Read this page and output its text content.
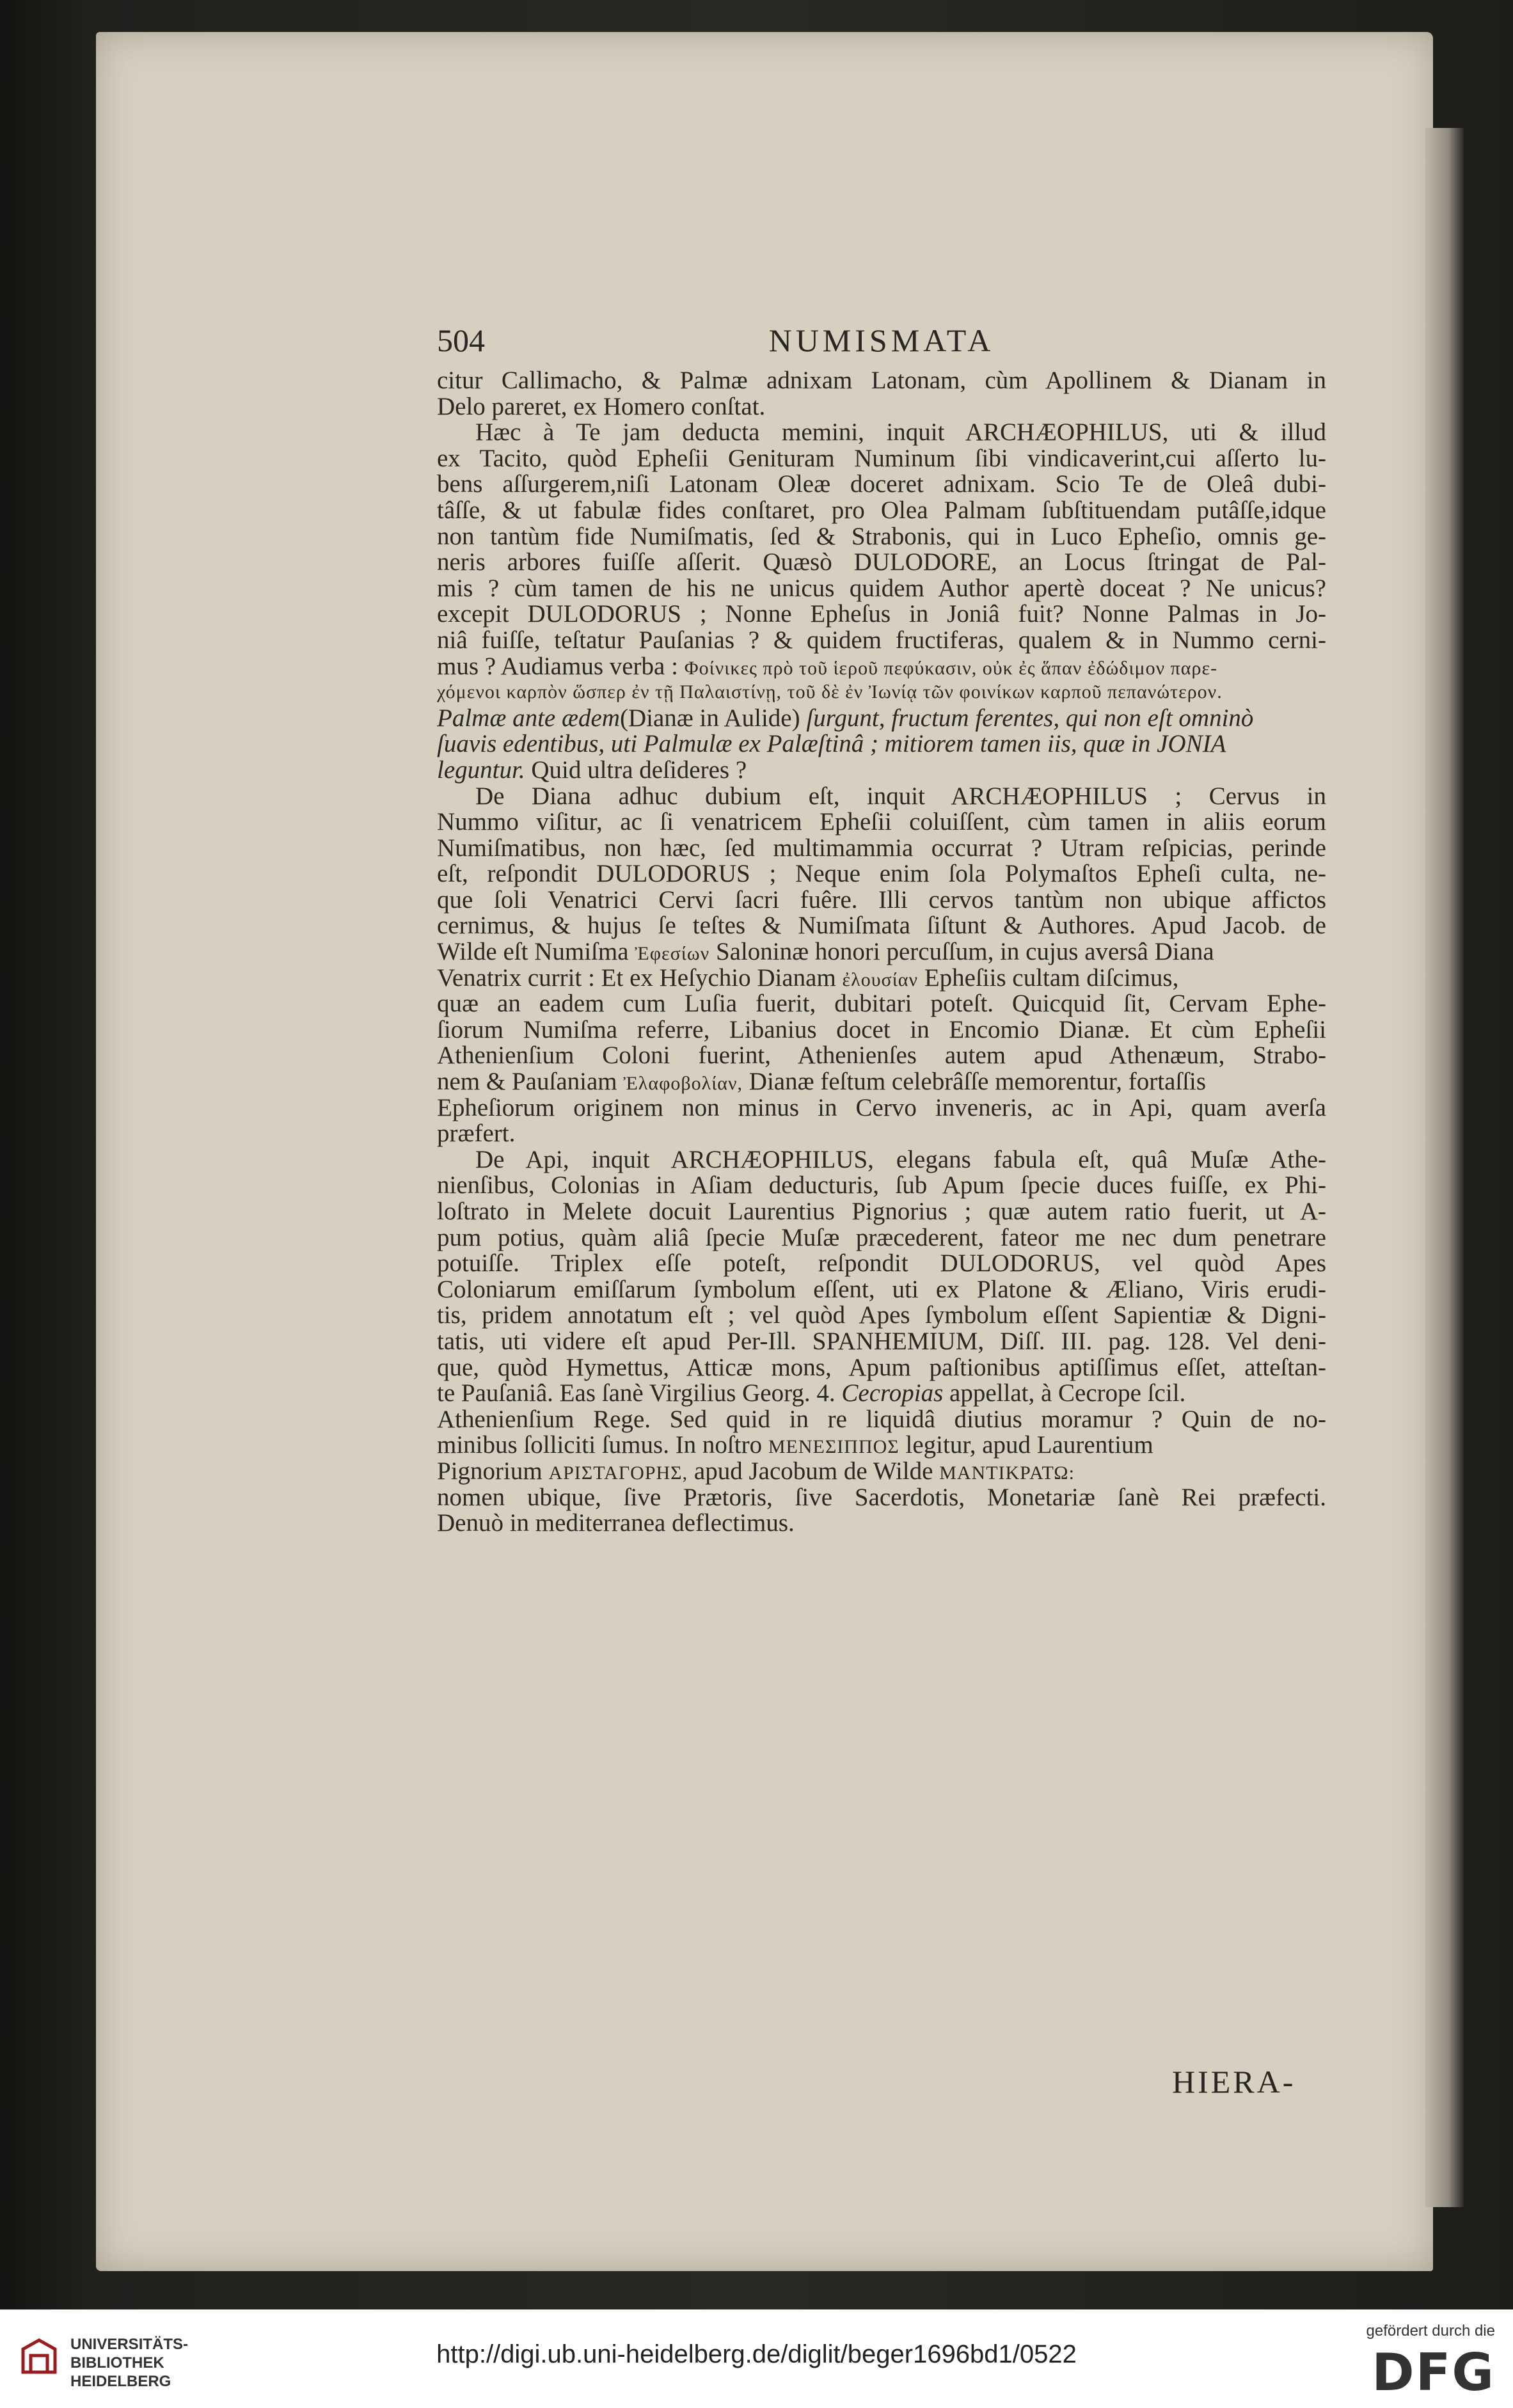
504	NUMISMATA
citur Callimacho, & Palmæ adnixam Latonam, cùm Apollinem & Dianam in
Delo pareret, ex Homero conſtat.
Hæc à Te jam deducta memini, inquit ARCHÆOPHILUS, uti & illud
ex Tacito, quòd Epheſii Genituram Numinum ſibi vindicaverint,cui aſſerto lu-
bens aſſurgerem,niſi Latonam Oleæ doceret adnixam. Scio Te de Oleâ dubi-
tâſſe, & ut fabulæ fides conſtaret, pro Olea Palmam ſubſtituendam putâſſe,idque
non tantùm fide Numiſmatis, ſed & Strabonis, qui in Luco Epheſio, omnis ge-
neris arbores fuiſſe aſſerit. Quæsò DULODORE, an Locus ſtringat de Pal-
mis ? cùm tamen de his ne unicus quidem Author apertè doceat ? Ne unicus?
excepit DULODORUS ; Nonne Epheſus in Joniâ fuit? Nonne Palmas in Jo-
niâ fuiſſe, teſtatur Pauſanias ? & quidem fructiferas, qualem & in Nummo cerni-
mus ? Audiamus verba : Φοίνικες πρὸ τοῦ ἱεροῦ πεφύκασιν, οὐκ ἐς ἅπαν ἐδώδιμον παρε-
χόμενοι καρπὸν ὥσπερ ἐν τῇ Παλαιστίνῃ, τοῦ δὲ ἐν Ἰωνίᾳ τῶν φοινίκων καρποῦ πεπανώτερον.
Palmæ ante ædem(Dianæ in Aulide) ſurgunt, fructum ferentes, qui non eſt omninò
ſuavis edentibus, uti Palmulæ ex Palæſtinâ ; mitiorem tamen iis, quæ in JONIA
leguntur. Quid ultra deſideres ?
De Diana adhuc dubium eſt, inquit ARCHÆOPHILUS ; Cervus in
Nummo viſitur, ac ſi venatricem Epheſii coluiſſent, cùm tamen in aliis eorum
Numiſmatibus, non hæc, ſed multimammia occurrat ? Utram reſpicias, perinde
eſt, reſpondit DULODORUS ; Neque enim ſola Polymaſtos Epheſi culta, ne-
que ſoli Venatrici Cervi ſacri fuêre. Illi cervos tantùm non ubique affictos
cernimus, & hujus ſe teſtes & Numiſmata ſiſtunt & Authores. Apud Jacob. de
Wilde eſt Numiſma Ἐφεσίων Saloninæ honori percuſſum, in cujus aversâ Diana
Venatrix currit : Et ex Heſychio Dianam ἐλουσίαν Epheſiis cultam diſcimus,
quæ an eadem cum Luſia fuerit, dubitari poteſt. Quicquid ſit, Cervam Ephe-
ſiorum Numiſma referre, Libanius docet in Encomio Dianæ. Et cùm Epheſii
Athenienſium Coloni fuerint, Athenienſes autem apud Athenæum, Strabo-
nem & Pauſaniam Ἐλαφοβολίαν, Dianæ feſtum celebrâſſe memorentur, fortaſſis
Epheſiorum originem non minus in Cervo inveneris, ac in Api, quam averſa
præfert.
De Api, inquit ARCHÆOPHILUS, elegans fabula eſt, quâ Muſæ Athe-
nienſibus, Colonias in Aſiam deducturis, ſub Apum ſpecie duces fuiſſe, ex Phi-
loſtrato in Melete docuit Laurentius Pignorius ; quæ autem ratio fuerit, ut A-
pum potius, quàm aliâ ſpecie Muſæ præcederent, fateor me nec dum penetrare
potuiſſe. Triplex eſſe poteſt, reſpondit DULODORUS, vel quòd Apes
Coloniarum emiſſarum ſymbolum eſſent, uti ex Platone & Æliano, Viris erudi-
tis, pridem annotatum eſt ; vel quòd Apes ſymbolum eſſent Sapientiæ & Digni-
tatis, uti videre eſt apud Per-Ill. SPANHEMIUM, Diſſ. III. pag. 128. Vel deni-
que, quòd Hymettus, Atticæ mons, Apum paſtionibus aptiſſimus eſſet, atteſtan-
te Pauſaniâ. Eas ſanè Virgilius Georg. 4. Cecropias appellat, à Cecrope ſcil.
Athenienſium Rege. Sed quid in re liquidâ diutius moramur ? Quin de no-
minibus ſolliciti ſumus. In noſtro ΜΕΝΕΣΙΠΠΟΣ legitur, apud Laurentium
Pignorium ΑΡΙΣΤΑΓΟΡΗΣ, apud Jacobum de Wilde ΜΑΝΤΙΚΡΑΤΩ:
nomen ubique, ſive Prætoris, ſive Sacerdotis, Monetariæ ſanè Rei præfecti.
Denuò in mediterranea deflectimus.
HIERA-
UNIVERSITÄTS-
BIBLIOTHEK
HEIDELBERG
http://digi.ub.uni-heidelberg.de/diglit/beger1696bd1/0522
gefördert durch die
DFG
